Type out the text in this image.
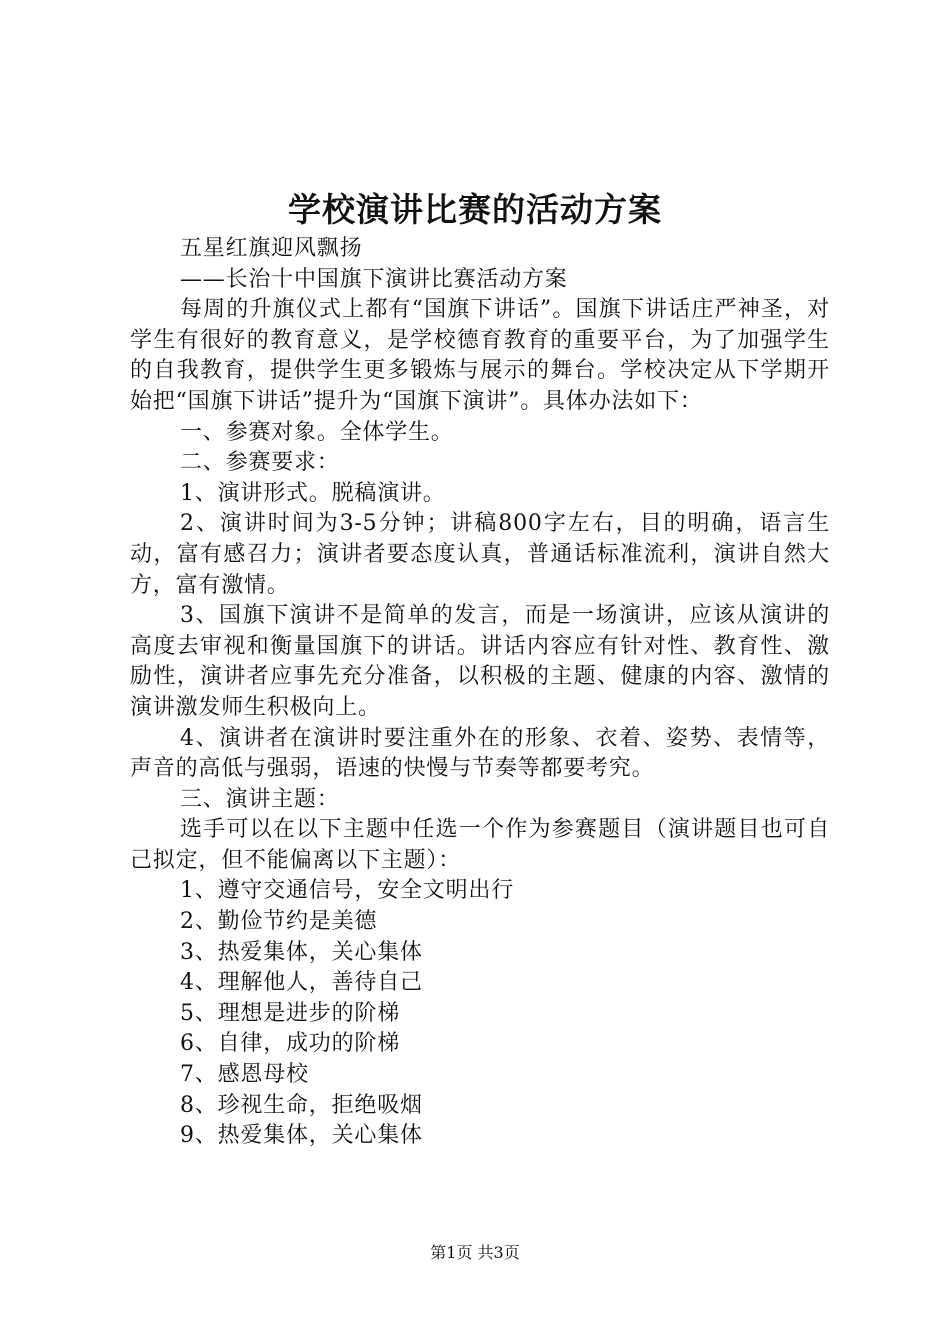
学校演讲比赛的活动方案

五星红旗迎风飘扬

——长治十中国旗下演讲比赛活动方案

每周的升旗仪式上都有“国旗下讲话”。国旗下讲话庄严神圣，对学生有很好的教育意义，是学校德育教育的重要平台，为了加强学生的自我教育，提供学生更多锻炼与展示的舞台。学校决定从下学期开始把“国旗下讲话”提升为“国旗下演讲”。具体办法如下：

一、参赛对象。全体学生。

二、参赛要求：

1、演讲形式。脱稿演讲。

2、演讲时间为3-5分钟；讲稿800字左右，目的明确，语言生动，富有感召力；演讲者要态度认真，普通话标准流利，演讲自然大方，富有激情。

3、国旗下演讲不是简单的发言，而是一场演讲，应该从演讲的高度去审视和衡量国旗下的讲话。讲话内容应有针对性、教育性、激励性，演讲者应事先充分准备，以积极的主题、健康的内容、激情的演讲激发师生积极向上。

4、演讲者在演讲时要注重外在的形象、衣着、姿势、表情等，声音的高低与强弱，语速的快慢与节奏等都要考究。

三、演讲主题：

选手可以在以下主题中任选一个作为参赛题目（演讲题目也可自己拟定，但不能偏离以下主题）：

1、遵守交通信号，安全文明出行

2、勤俭节约是美德

3、热爱集体，关心集体

4、理解他人，善待自己

5、理想是进步的阶梯

6、自律，成功的阶梯

7、感恩母校

8、珍视生命，拒绝吸烟

9、热爱集体，关心集体

第1页 共3页
